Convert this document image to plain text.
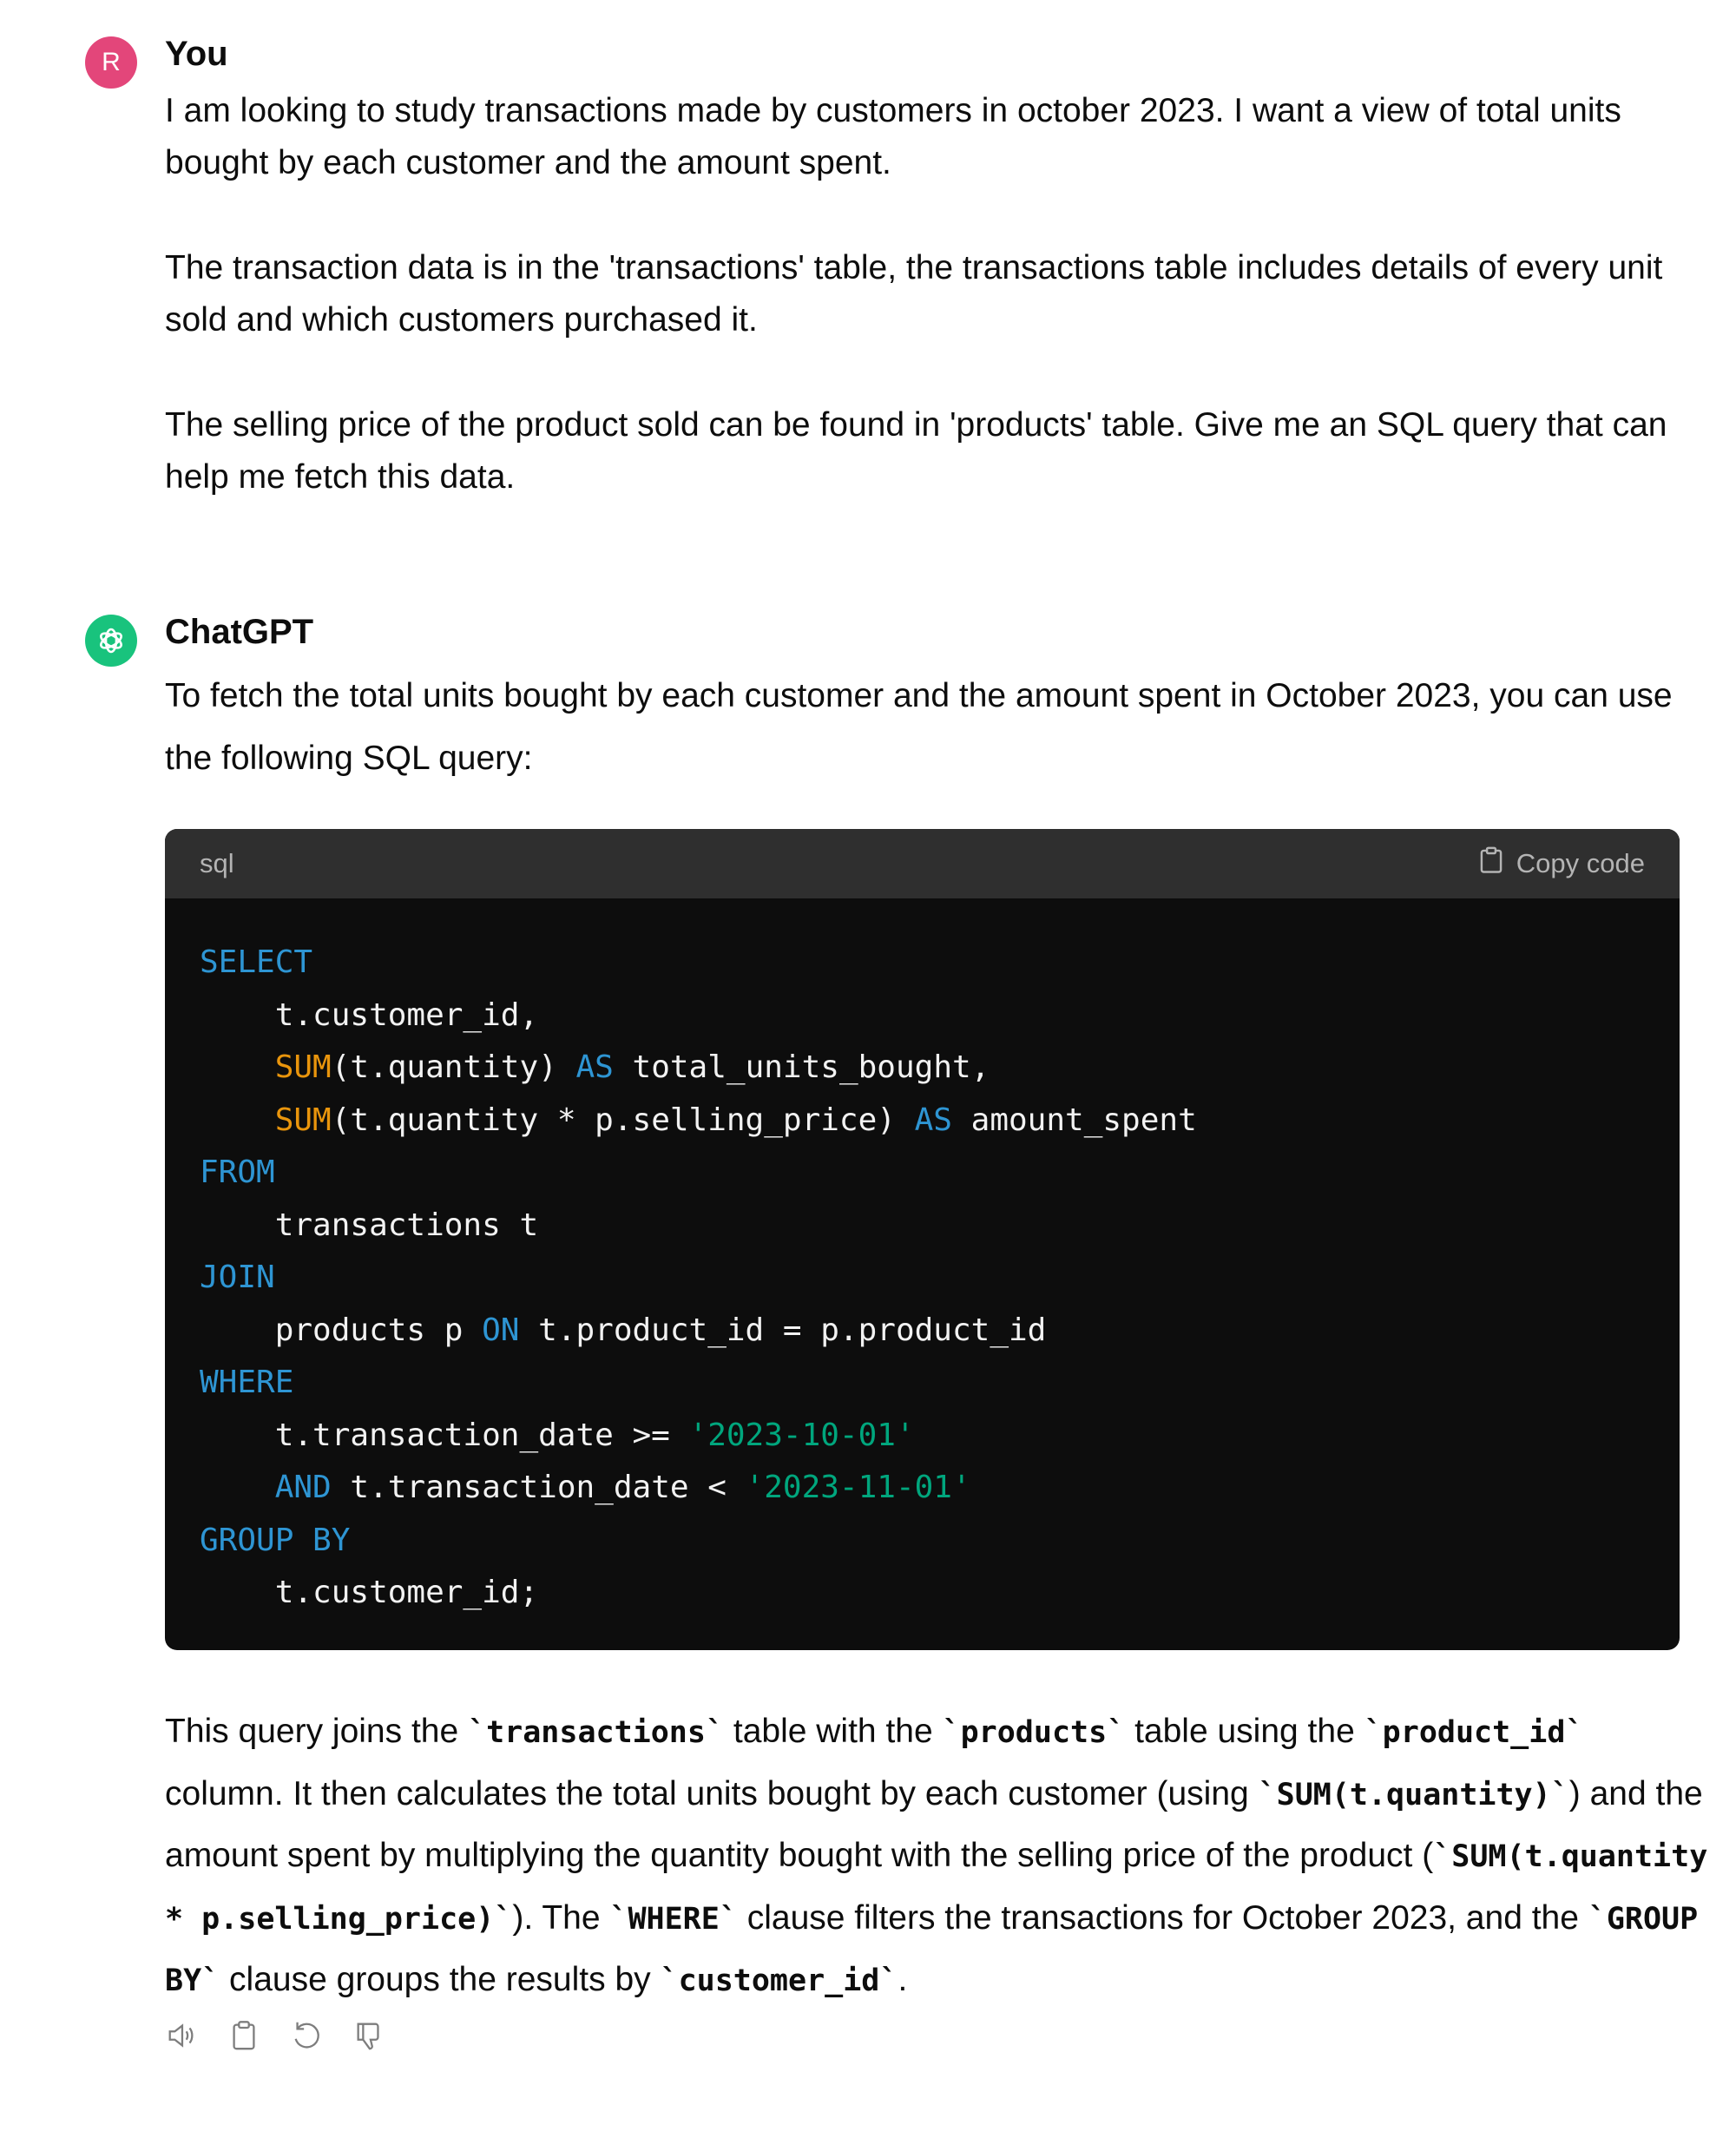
R	You

I am looking to study transactions made by customers in october 2023. I want a view of total units bought by each customer and the amount spent.

The transaction data is in the 'transactions' table, the transactions table includes details of every unit sold and which customers purchased it.

The selling price of the product sold can be found in 'products' table. Give me an SQL query that can help me fetch this data.

ChatGPT

To fetch the total units bought by each customer and the amount spent in October 2023, you can use the following SQL query:

sql	Copy code
SELECT
t.customer_id,
SUM(t.quantity) AS total_units_bought,
SUM(t.quantity * p.selling_price) AS amount_spent
FROM
transactions t
JOIN
products p ON t.product_id = p.product_id
WHERE
t.transaction_date >= '2023-10-01'
AND t.transaction_date < '2023-11-01'
GROUP BY
t.customer_id;

This query joins the `transactions` table with the `products` table using the `product_id` column. It then calculates the total units bought by each customer (using `SUM(t.quantity)`) and the amount spent by multiplying the quantity bought with the selling price of the product (`SUM(t.quantity * p.selling_price)`). The `WHERE` clause filters the transactions for October 2023, and the `GROUP BY` clause groups the results by `customer_id`.
